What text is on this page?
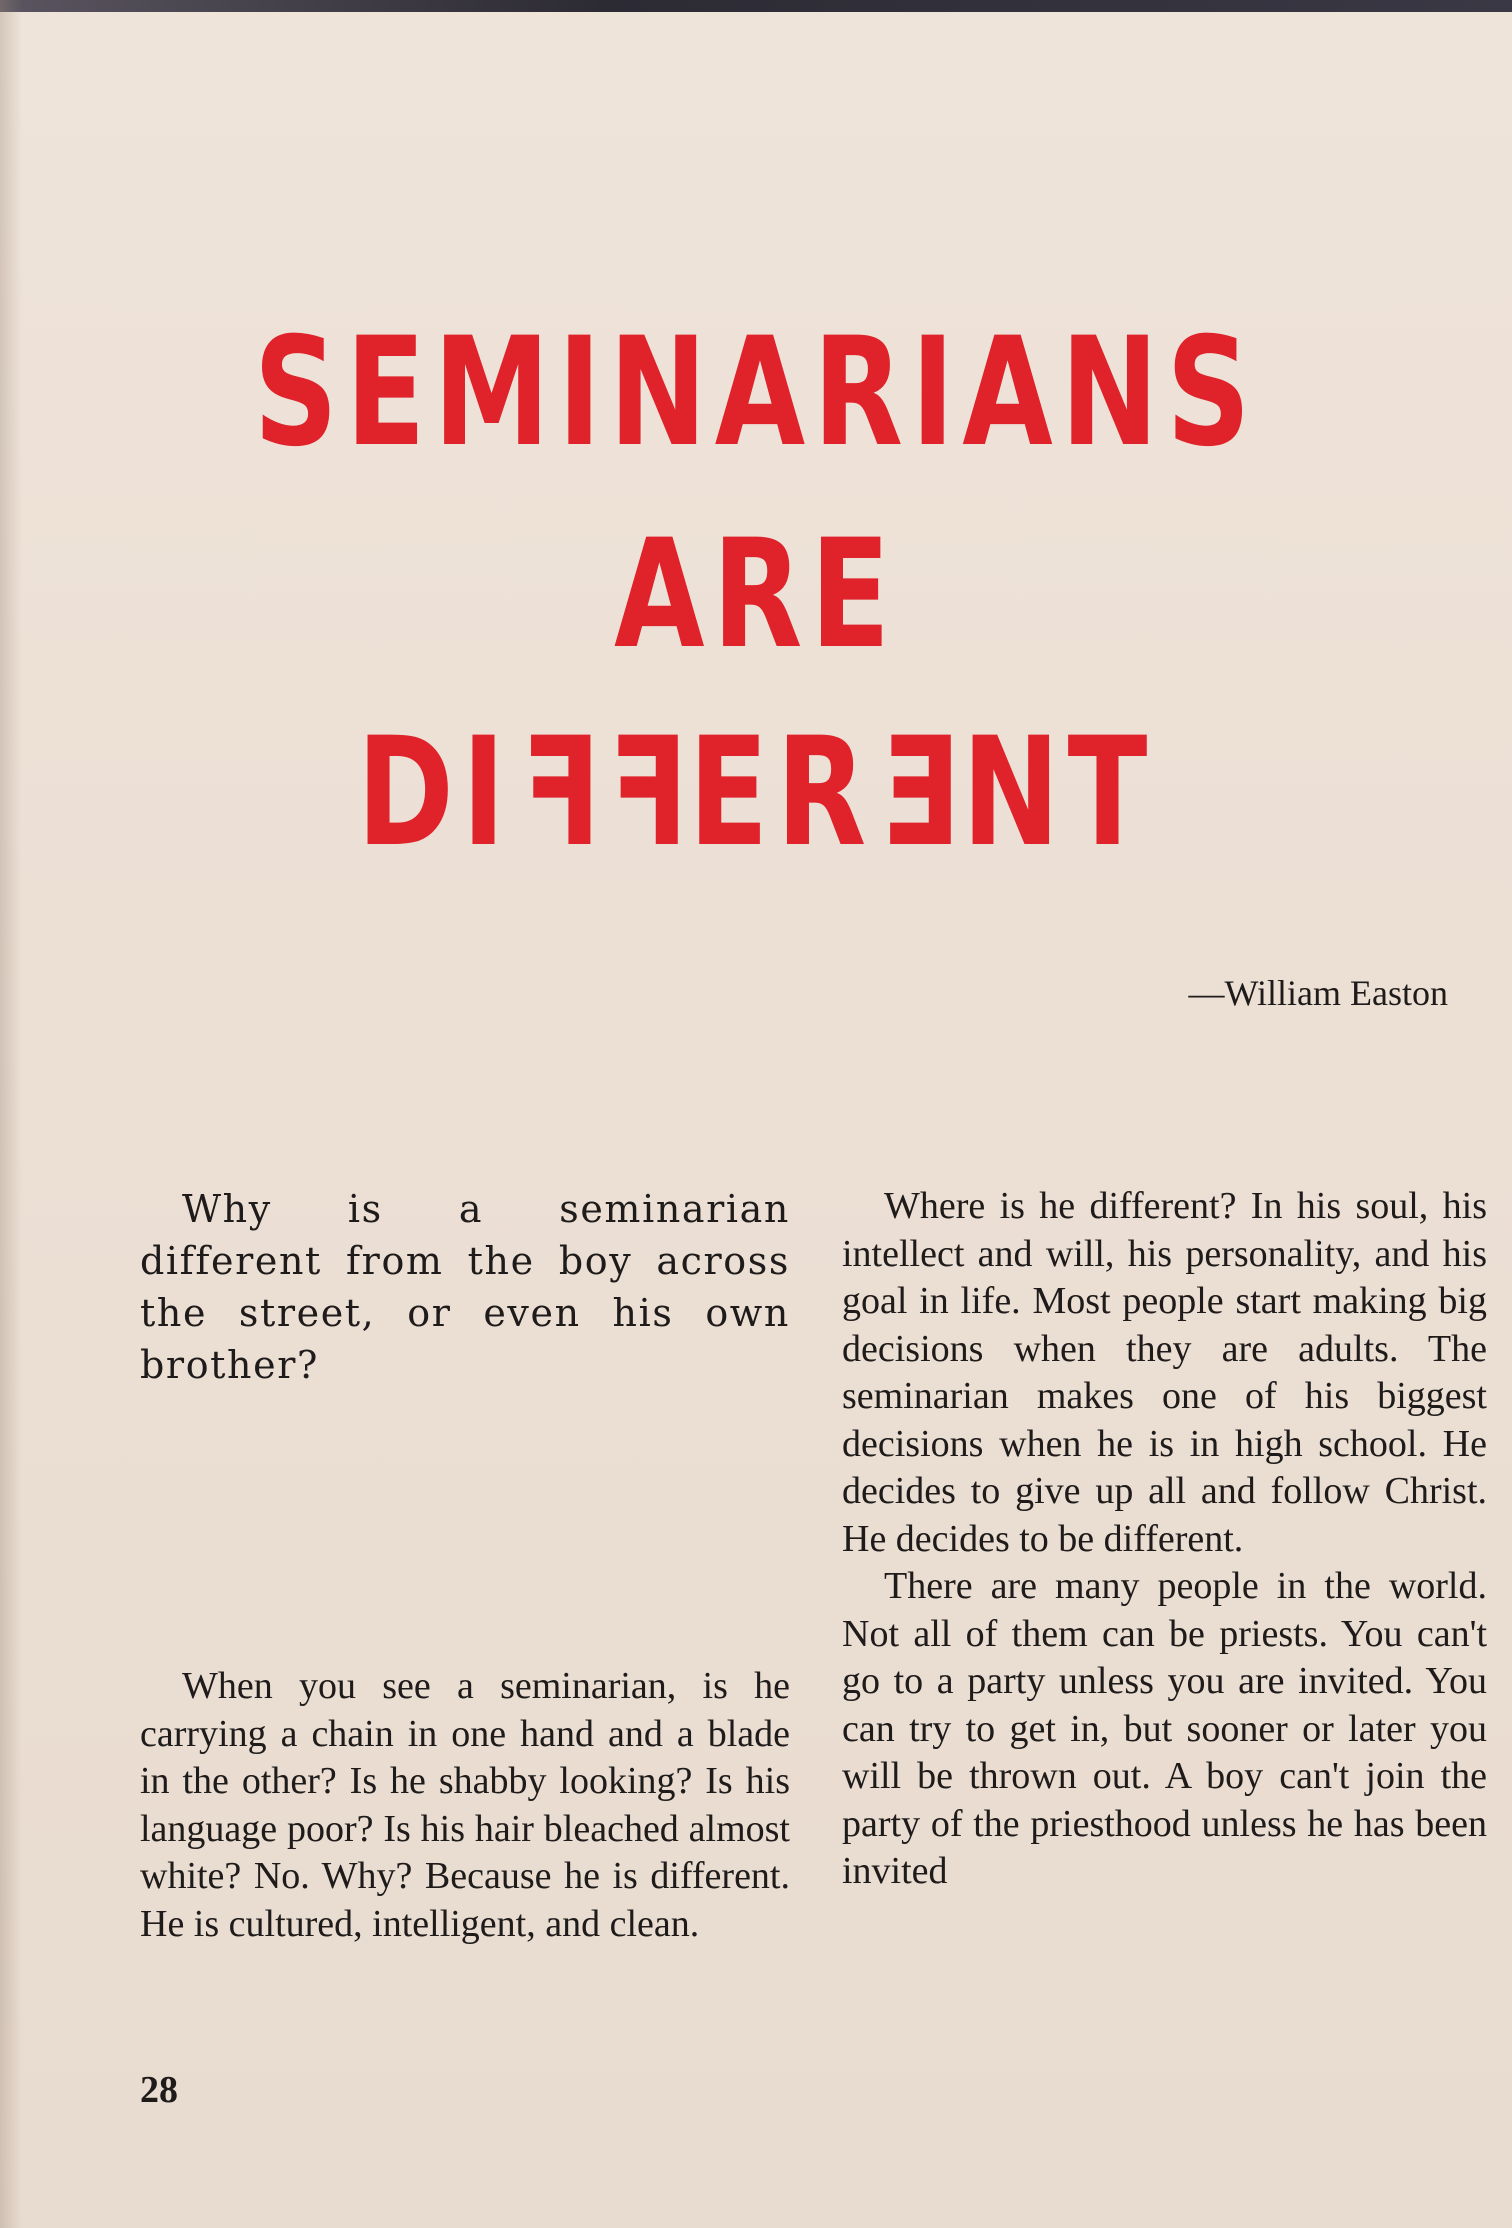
SEMINARIANS
ARE
DIFFERENT
—William Easton

Why is a seminarian different from the boy across the street, or even his own brother?

When you see a seminarian, is he carrying a chain in one hand and a blade in the other? Is he shabby looking? Is his language poor? Is his hair bleached almost white? No. Why? Because he is different. He is cultured, intelligent, and clean.

Where is he different? In his soul, his intellect and will, his personality, and his goal in life. Most people start making big decisions when they are adults. The seminarian makes one of his biggest decisions when he is in high school. He decides to give up all and follow Christ. He decides to be different.

There are many people in the world. Not all of them can be priests. You can't go to a party unless you are invited. You can try to get in, but sooner or later you will be thrown out. A boy can't join the party of the priesthood unless he has been invited

28
